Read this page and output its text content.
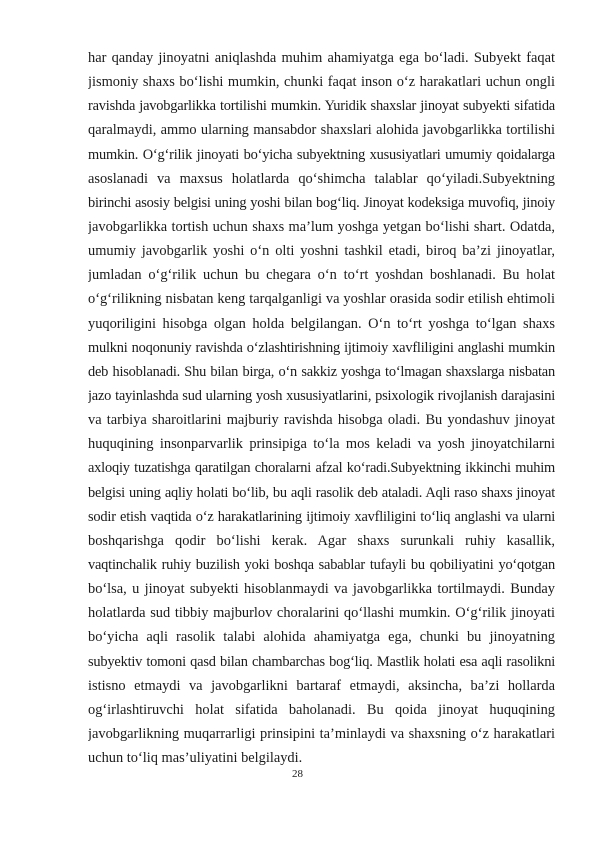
har qanday jinoyatni aniqlashda muhim ahamiyatga ega bo‘ladi. Subyekt faqat
jismoniy shaxs bo‘lishi mumkin, chunki faqat inson o‘z harakatlari uchun ongli
ravishda javobgarlikka tortilishi mumkin. Yuridik shaxslar jinoyat subyekti sifatida
qaralmaydi, ammo ularning mansabdor shaxslari alohida javobgarlikka tortilishi
mumkin. O‘g‘rilik jinoyati bo‘yicha subyektning xususiyatlari umumiy qoidalarga
asoslanadi va maxsus holatlarda qo‘shimcha talablar qo‘yiladi.Subyektning
birinchi asosiy belgisi uning yoshi bilan bog‘liq. Jinoyat kodeksiga muvofiq, jinoiy
javobgarlikka tortish uchun shaxs ma’lum yoshga yetgan bo‘lishi shart. Odatda,
umumiy javobgarlik yoshi o‘n olti yoshni tashkil etadi, biroq ba’zi jinoyatlar,
jumladan o‘g‘rilik uchun bu chegara o‘n to‘rt yoshdan boshlanadi. Bu holat
o‘g‘rilikning nisbatan keng tarqalganligi va yoshlar orasida sodir etilish ehtimoli
yuqoriligini hisobga olgan holda belgilangan. O‘n to‘rt yoshga to‘lgan shaxs
mulkni noqonuniy ravishda o‘zlashtirishning ijtimoiy xavfliligini anglashi mumkin
deb hisoblanadi. Shu bilan birga, o‘n sakkiz yoshga to‘lmagan shaxslarga nisbatan
jazo tayinlashda sud ularning yosh xususiyatlarini, psixologik rivojlanish darajasini
va tarbiya sharoitlarini majburiy ravishda hisobga oladi. Bu yondashuv jinoyat
huquqining insonparvarlik prinsipiga to‘la mos keladi va yosh jinoyatchilarni
axloqiy tuzatishga qaratilgan choralarni afzal ko‘radi.Subyektning ikkinchi muhim
belgisi uning aqliy holati bo‘lib, bu aqli rasolik deb ataladi. Aqli raso shaxs jinoyat
sodir etish vaqtida o‘z harakatlarining ijtimoiy xavfliligini to‘liq anglashi va ularni
boshqarishga qodir bo‘lishi kerak. Agar shaxs surunkali ruhiy kasallik,
vaqtinchalik ruhiy buzilish yoki boshqa sabablar tufayli bu qobiliyatini yo‘qotgan
bo‘lsa, u jinoyat subyekti hisoblanmaydi va javobgarlikka tortilmaydi. Bunday
holatlarda sud tibbiy majburlov choralarini qo‘llashi mumkin. O‘g‘rilik jinoyati
bo‘yicha aqli rasolik talabi alohida ahamiyatga ega, chunki bu jinoyatning
subyektiv tomoni qasd bilan chambarchas bog‘liq. Mastlik holati esa aqli rasolikni
istisno etmaydi va javobgarlikni bartaraf etmaydi, aksincha, ba’zi hollarda
og‘irlashtiruvchi holat sifatida baholanadi. Bu qoida jinoyat huquqining
javobgarlikning muqarrarligi prinsipini ta’minlaydi va shaxsning o‘z harakatlari
uchun to‘liq mas’uliyatini belgilaydi.
28
